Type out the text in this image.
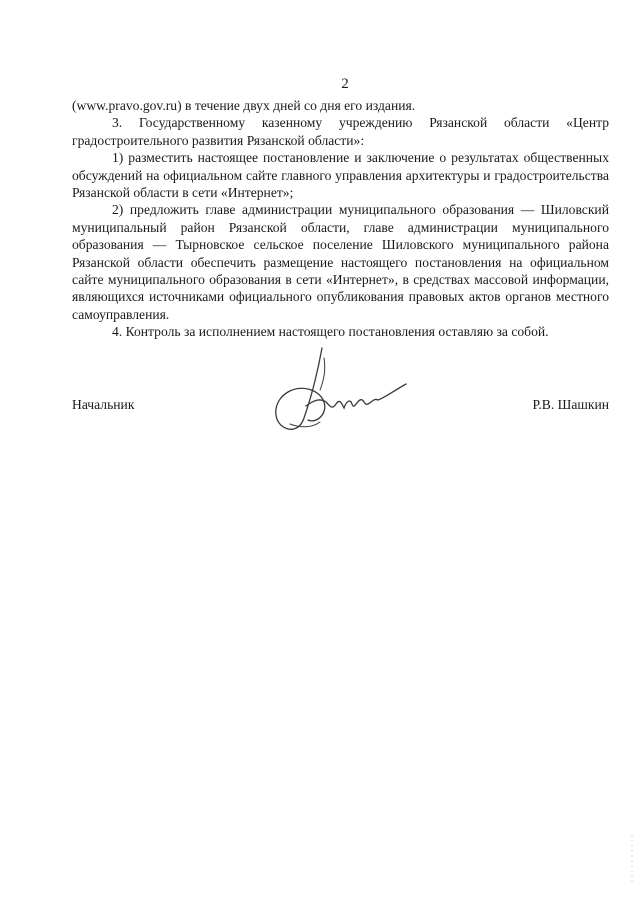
2

(www.pravo.gov.ru) в течение двух дней со дня его издания.

3. Государственному казенному учреждению Рязанской области «Центр градостроительного развития Рязанской области»:

1) разместить настоящее постановление и заключение о результатах общественных обсуждений на официальном сайте главного управления архитектуры и градостроительства Рязанской области в сети «Интернет»;

2) предложить главе администрации муниципального образования — Шиловский муниципальный район Рязанской области, главе администрации муниципального образования — Тырновское сельское поселение Шиловского муниципального района Рязанской области обеспечить размещение настоящего постановления на официальном сайте муниципального образования в сети «Интернет», в средствах массовой информации, являющихся источниками официального опубликования правовых актов органов местного самоуправления.

4. Контроль за исполнением настоящего постановления оставляю за собой.

Начальник	Р.В. Шашкин
